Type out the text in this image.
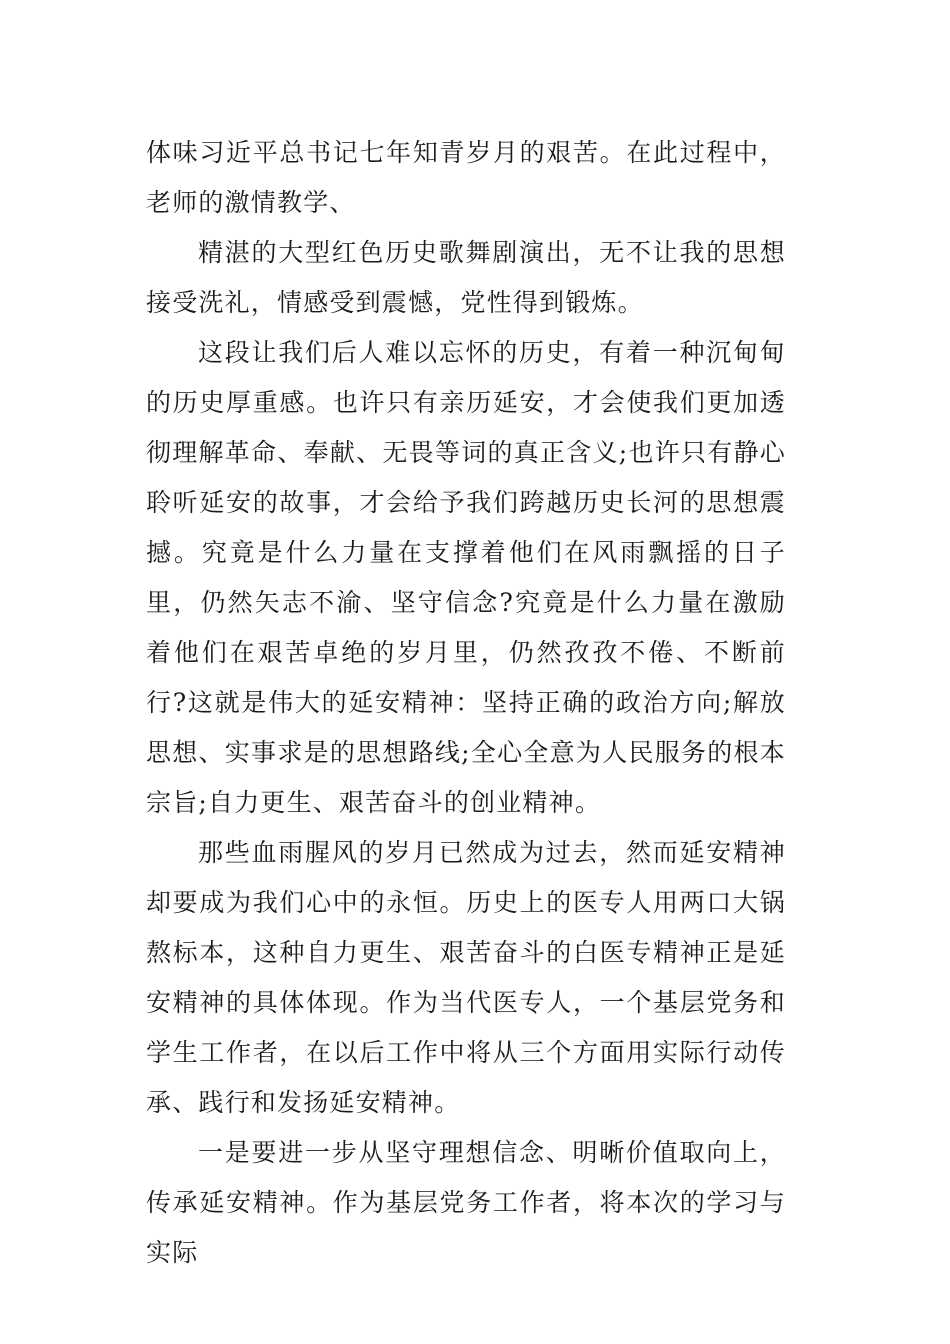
体味习近平总书记七年知青岁月的艰苦。在此过程中，老师的激情教学、

精湛的大型红色历史歌舞剧演出，无不让我的思想接受洗礼，情感受到震憾，党性得到锻炼。

这段让我们后人难以忘怀的历史，有着一种沉甸甸的历史厚重感。也许只有亲历延安，才会使我们更加透彻理解革命、奉献、无畏等词的真正含义;也许只有静心聆听延安的故事，才会给予我们跨越历史长河的思想震撼。究竟是什么力量在支撑着他们在风雨飘摇的日子里，仍然矢志不渝、坚守信念?究竟是什么力量在激励着他们在艰苦卓绝的岁月里，仍然孜孜不倦、不断前行?这就是伟大的延安精神：坚持正确的政治方向;解放思想、实事求是的思想路线;全心全意为人民服务的根本宗旨;自力更生、艰苦奋斗的创业精神。

那些血雨腥风的岁月已然成为过去，然而延安精神却要成为我们心中的永恒。历史上的医专人用两口大锅熬标本，这种自力更生、艰苦奋斗的白医专精神正是延安精神的具体体现。作为当代医专人，一个基层党务和学生工作者，在以后工作中将从三个方面用实际行动传承、践行和发扬延安精神。

一是要进一步从坚守理想信念、明晰价值取向上，传承延安精神。作为基层党务工作者，将本次的学习与实际
